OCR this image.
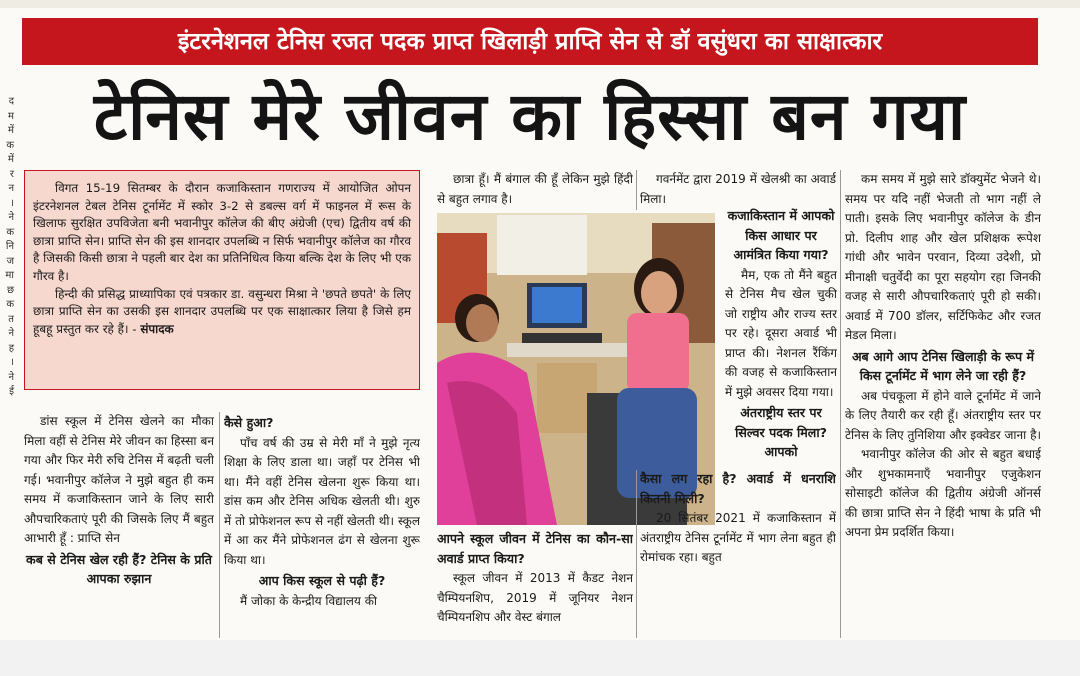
द
म
में
क
में
र
न
।
ने
क
नि
ज
मा
छ
क
त
ने
ह
।
ने
ई
इंटरनेशनल टेनिस रजत पदक प्राप्त खिलाड़ी प्राप्ति सेन से डॉ वसुंधरा का साक्षात्कार
टेनिस मेरे जीवन का हिस्सा बन गया

विगत 15-19 सितम्बर के दौरान कजाकिस्तान गणराज्य में आयोजित ओपन इंटरनेशनल टेबल टेनिस टूर्नामेंट में स्कोर 3-2 से डबल्स वर्ग में फाइनल में रूस के खिलाफ सुरक्षित उपविजेता बनी भवानीपुर कॉलेज की बीए अंग्रेजी (एच) द्वितीय वर्ष की छात्रा प्राप्ति सेन। प्राप्ति सेन की इस शानदार उपलब्धि न सिर्फ भवानीपुर कॉलेज का गौरव है जिसकी किसी छात्रा ने पहली बार देश का प्रतिनिधित्व किया बल्कि देश के लिए भी एक गौरव है।

हिन्दी की प्रसिद्ध प्राध्यापिका एवं पत्रकार डा. वसुन्धरा मिश्रा ने 'छपते छपते' के लिए छात्रा प्राप्ति सेन का उसकी इस शानदार उपलब्धि पर एक साक्षात्कार लिया है जिसे हम हूबहू प्रस्तुत कर रहे हैं। - संपादक

डांस स्कूल में टेनिस खेलने का मौका मिला वहीं से टेनिस मेरे जीवन का हिस्सा बन गया और फिर मेरी रुचि टेनिस में बढ़ती चली गई। भवानीपुर कॉलेज ने मुझे बहुत ही कम समय में कजाकिस्तान जाने के लिए सारी औपचारिकताएं पूरी की जिसके लिए मैं बहुत आभारी हूँ : प्राप्ति सेन

कब से टेनिस खेल रही हैं? टेनिस के प्रति आपका रुझान
कैसे हुआ?

पाँच वर्ष की उम्र से मेरी माँ ने मुझे नृत्य शिक्षा के लिए डाला था। जहाँ पर टेनिस भी था। मैंने वहीं टेनिस खेलना शुरू किया था। डांस कम और टेनिस अधिक खेलती थी। शुरु में तो प्रोफेशनल रूप से नहीं खेलती थी। स्कूल में आ कर मैंने प्रोफेशनल ढंग से खेलना शुरू किया था।

आप किस स्कूल से पढ़ी हैं?

मैं जोका के केन्द्रीय विद्यालय की

छात्रा हूँ। मैं बंगाल की हूँ लेकिन मुझे हिंदी से बहुत लगाव है।

गवर्नमेंट द्वारा 2019 में खेलश्री का अवार्ड मिला।

कजाकिस्तान में आपको किस आधार पर आमंत्रित किया गया?

मैम, एक तो मैंने बहुत से टेनिस मैच खेल चुकी जो राष्ट्रीय और राज्य स्तर पर रहे। दूसरा अवार्ड भी प्राप्त की। नेशनल रैंकिंग की वजह से कजाकिस्तान में मुझे अवसर दिया गया।

अंतराष्ट्रीय स्तर पर सिल्वर पदक मिला? आपको
कैसा लग रहा है? अवार्ड में धनराशि कितनी मिली?

20 सितंबर 2021 में कजाकिस्तान में अंतराष्ट्रीय टेनिस टूर्नामेंट में भाग लेना बहुत ही रोमांचक रहा। बहुत

आपने स्कूल जीवन में टेनिस का कौन-सा अवार्ड प्राप्त किया?

स्कूल जीवन में 2013 में कैडट नेशन चैम्पियनशिप, 2019 में जूनियर नेशन चैम्पियनशिप और वेस्ट बंगाल

कम समय में मुझे सारे डॉक्युमेंट भेजने थे। समय पर यदि नहीं भेजती तो भाग नहीं ले पाती। इसके लिए भवानीपुर कॉलेज के डीन प्रो. दिलीप शाह और खेल प्रशिक्षक रूपेश गांधी और भावेन परवान, दिव्या उदेशी, प्रो मीनाक्षी चतुर्वेदी का पूरा सहयोग रहा जिनकी वजह से सारी औपचारिकताएं पूरी हो सकी। अवार्ड में 700 डॉलर, सर्टिफिकेट और रजत मेडल मिला।

अब आगे आप टेनिस खिलाड़ी के रूप में किस टूर्नामेंट में भाग लेने जा रही हैं?

अब पंचकूला में होने वाले टूर्नामेंट में जाने के लिए तैयारी कर रही हूँ। अंतराष्ट्रीय स्तर पर टेनिस के लिए तुनिशिया और इक्वेडर जाना है।

भवानीपुर कॉलेज की ओर से बहुत बधाई और शुभकामनाएँ भवानीपुर एजुकेशन सोसाइटी कॉलेज की द्वितीय अंग्रेजी ऑनर्स की छात्रा प्राप्ति सेन ने हिंदी भाषा के प्रति भी अपना प्रेम प्रदर्शित किया।
